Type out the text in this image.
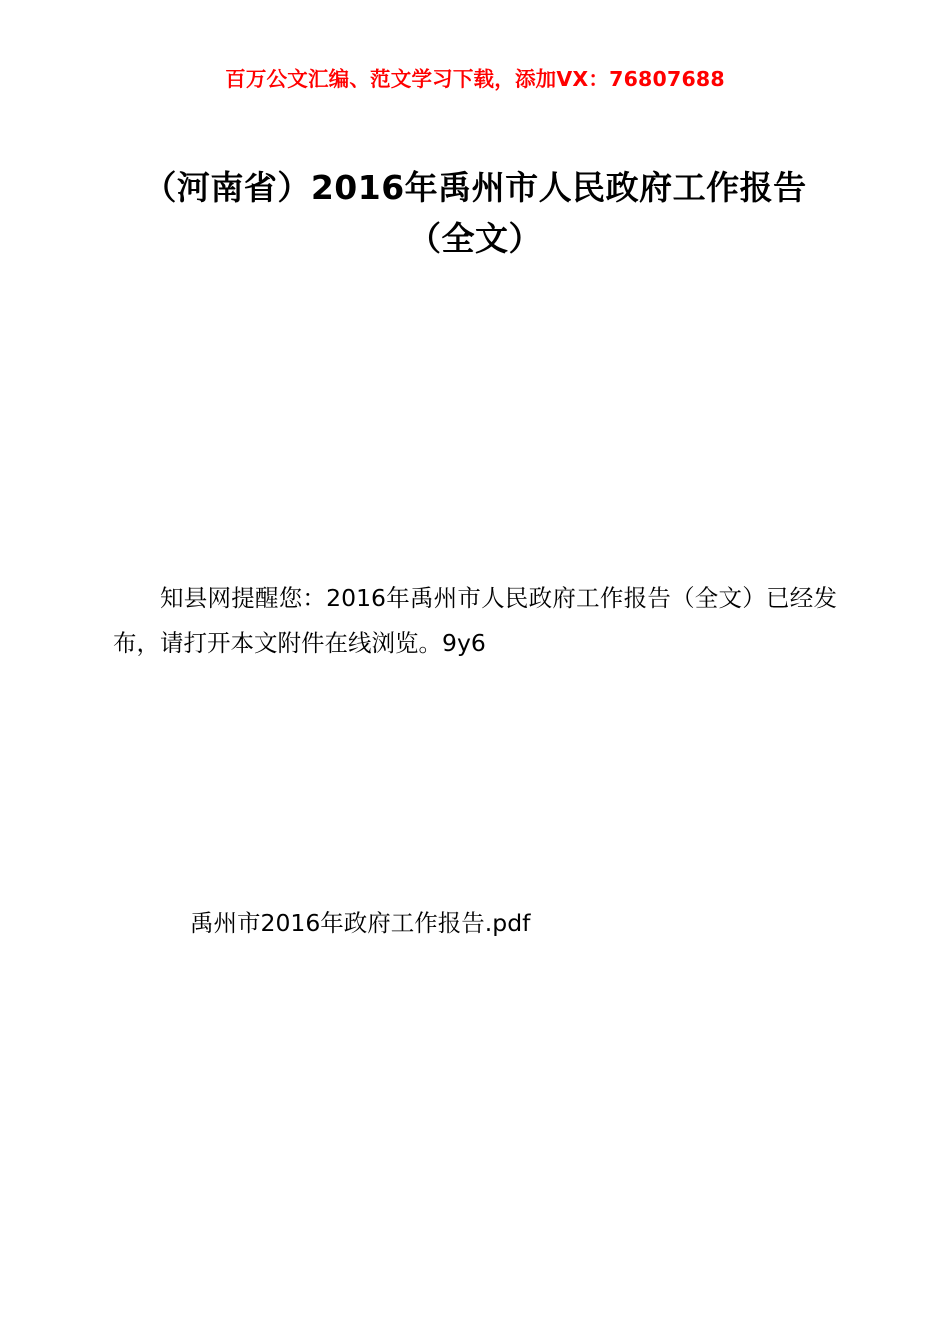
百万公文汇编、范文学习下载，添加VX：76807688
（河南省）2016年禹州市人民政府工作报告（全文）

知县网提醒您：2016年禹州市人民政府工作报告（全文）已经发布，请打开本文附件在线浏览。9y6

禹州市2016年政府工作报告.pdf
